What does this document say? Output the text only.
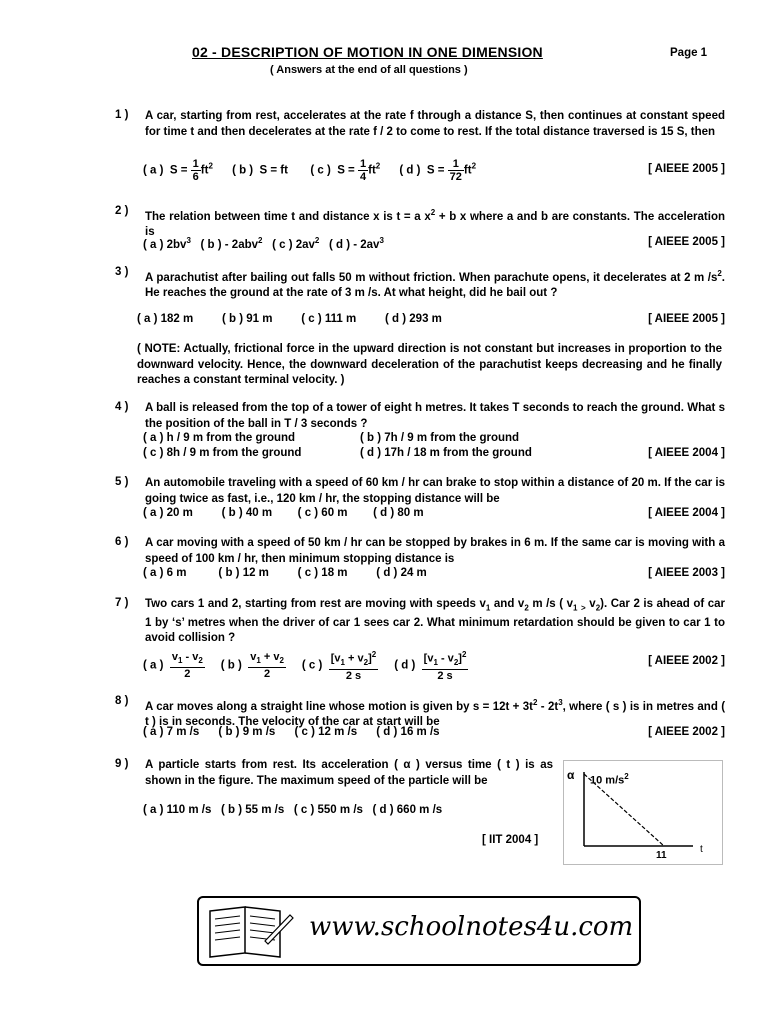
02 - DESCRIPTION OF MOTION IN ONE DIMENSION	Page 1
( Answers at the end of all questions )
1 ) A car, starting from rest, accelerates at the rate f through a distance S, then continues at constant speed for time t and then decelerates at the rate f / 2 to come to rest. If the total distance traversed is 15 S, then
( a ) $S = \frac{1}{6} ft^2$ ( b ) S = ft ( c ) $S = \frac{1}{4} ft^2$ ( d ) $S = \frac{1}{72} ft^2$	[ AIEEE 2005 ]
2 ) The relation between time t and distance x is t = a $x^2 + b$ x where a and b are constants. The acceleration is
( a ) $2bv^3$ ( b ) - 2abv$^2$ ( c ) $2av^2$ ( d ) - $2av^3$	[ AIEEE 2005 ]
3 ) A parachutist after bailing out falls 50 m without friction. When parachute opens, it decelerates at 2 m $/s^2$. He reaches the ground at the rate of 3 m /s. At what height, did he bail out ?
( a ) 182 m	( b ) 91 m	( c ) 111 m	( d ) 293 m	[ AIEEE 2005 ]
( NOTE: Actually, frictional force in the upward direction is not constant but increases in proportion to the downward velocity. Hence, the downward deceleration of the parachutist keeps decreasing and he finally reaches a constant terminal velocity. )
4 ) A ball is released from the top of a tower of eight h metres. It takes T seconds to reach the ground. What s the position of the ball in T / 3 seconds ?
( a ) h / 9 m from the ground	( b ) 7h / 9 m from the ground
( c ) 8h / 9 m from the ground	( d ) 17h / 18 m from the ground	[ AIEEE 2004 ]
5 ) An automobile traveling with a speed of 60 km / hr can brake to stop within a distance of 20 m. If the car is going twice as fast, i.e., 120 km / hr, the stopping distance will be
( a ) 20 m	( b ) 40 m ( c ) 60 m ( d ) 80 m	[ AIEEE 2004 ]
6 ) A car moving with a speed of 50 km / hr can be stopped by brakes in 6 m. If the same car is moving with a speed of 100 km / hr, then minimum stopping distance is
( a ) 6 m	( b ) 12 m	( c ) 18 m	( d ) 24 m	[ AIEEE 2003 ]
7 ) Two cars 1 and 2, starting from rest are moving with speeds $v_1$ and $v_2$ m /s ( $v_1$ $_>$ $v_2$). Car 2 is ahead of car 1 by ‘s’ metres when the driver of car 1 sees car 2. What minimum retardation should be given to car 1 to avoid collision ?
( a ) $\frac{v_1 - v_2}{2}$ ( b ) $\frac{v_1 + v_2}{2}$ ( c ) $\frac{[v_1 + v_2]^2}{2 s}$ ( d ) $\frac{[v_1 - v_2]^2}{2 s}$	[ AIEEE 2002 ]
8 ) A car moves along a straight line whose motion is given by $s = 12t + 3t^2 - 2t^3$, where ( s ) is in metres and ( t ) is in seconds. The velocity of the car at start will be
( a ) 7 m /s ( b ) 9 m /s ( c ) 12 m /s ( d ) 16 m /s	[ AIEEE 2002 ]
9 ) A particle starts from rest. Its acceleration ( α ) versus time ( t ) is as shown in the figure. The maximum speed of the particle will be
( a ) 110 m /s ( b ) 55 m /s ( c ) 550 m /s ( d ) 660 m /s
[ IIT 2004 ]
α 10 $m/s^2$
11
t
www.schoolnotes4u.com
